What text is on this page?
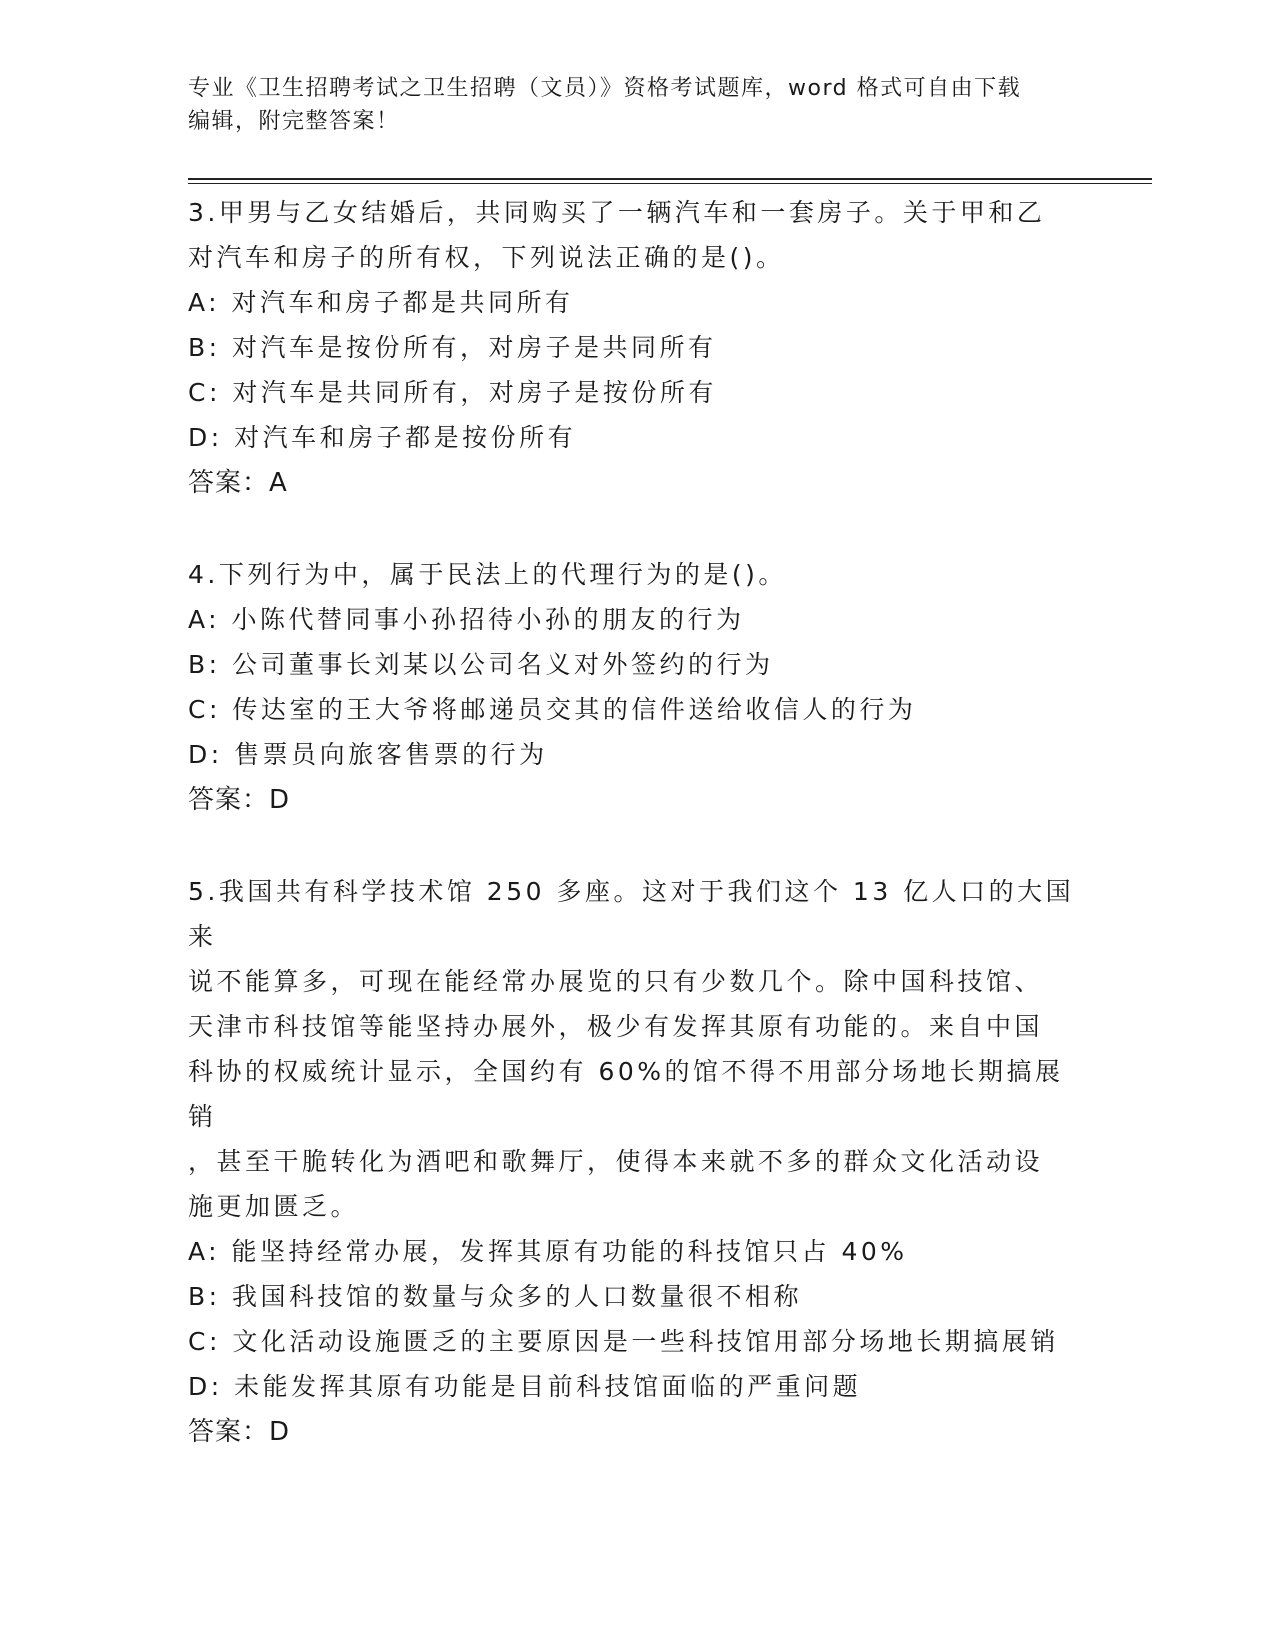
专业《卫生招聘考试之卫生招聘（文员）》资格考试题库，word 格式可自由下载
编辑，附完整答案！
3.甲男与乙女结婚后，共同购买了一辆汽车和一套房子。关于甲和乙
对汽车和房子的所有权，下列说法正确的是()。
A: 对汽车和房子都是共同所有
B: 对汽车是按份所有，对房子是共同所有
C: 对汽车是共同所有，对房子是按份所有
D: 对汽车和房子都是按份所有
答案：A
4.下列行为中，属于民法上的代理行为的是()。
A: 小陈代替同事小孙招待小孙的朋友的行为
B: 公司董事长刘某以公司名义对外签约的行为
C: 传达室的王大爷将邮递员交其的信件送给收信人的行为
D: 售票员向旅客售票的行为
答案：D
5.我国共有科学技术馆 250 多座。这对于我们这个 13 亿人口的大国来
说不能算多，可现在能经常办展览的只有少数几个。除中国科技馆、
天津市科技馆等能坚持办展外，极少有发挥其原有功能的。来自中国
科协的权威统计显示，全国约有 60%的馆不得不用部分场地长期搞展销
，甚至干脆转化为酒吧和歌舞厅，使得本来就不多的群众文化活动设
施更加匮乏。
A: 能坚持经常办展，发挥其原有功能的科技馆只占 40%
B: 我国科技馆的数量与众多的人口数量很不相称
C: 文化活动设施匮乏的主要原因是一些科技馆用部分场地长期搞展销
D: 未能发挥其原有功能是目前科技馆面临的严重问题
答案：D
